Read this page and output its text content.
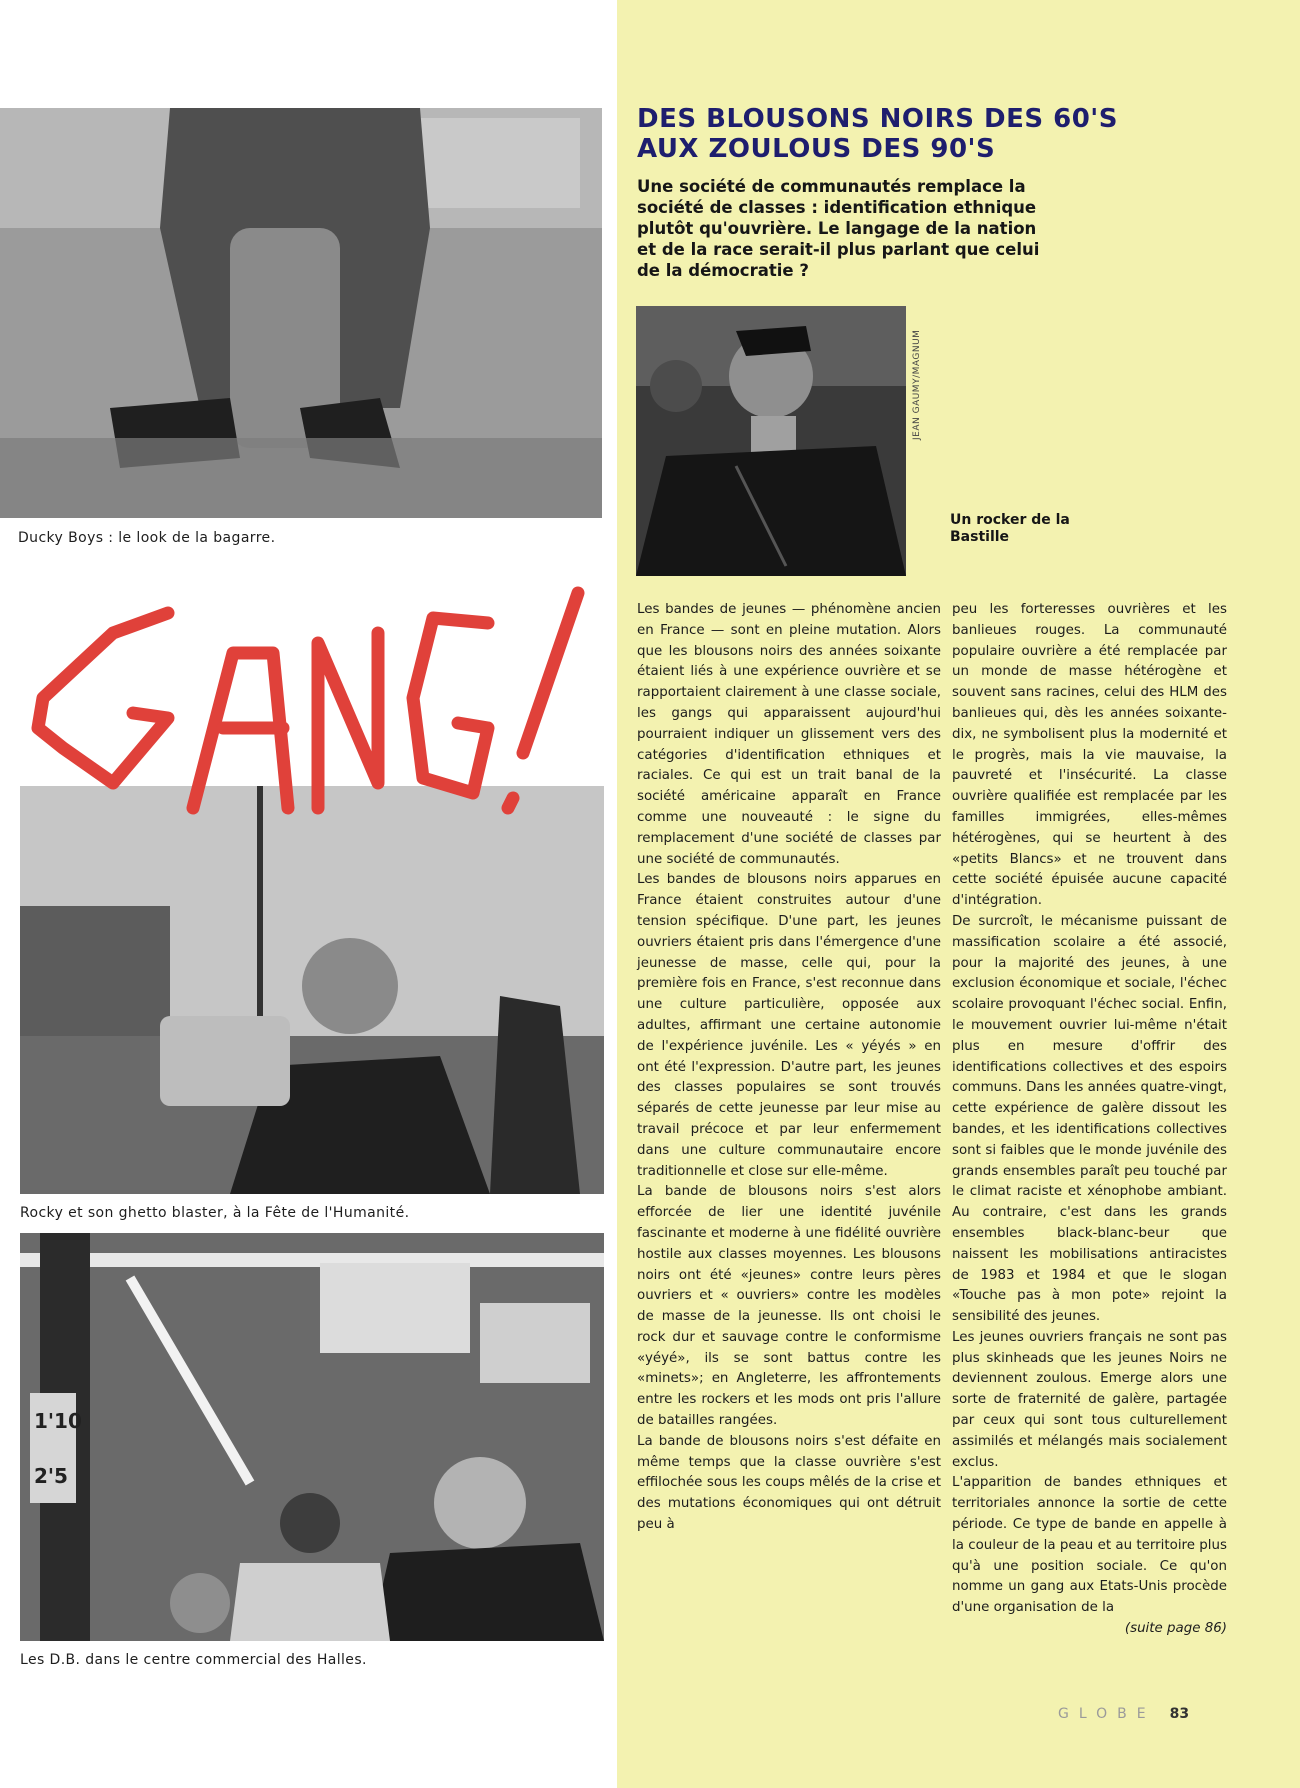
Ducky Boys : le look de la bagarre.
Rocky et son ghetto blaster, à la Fête de l'Humanité.
1'10
2'5
Les D.B. dans le centre commercial des Halles.
DES BLOUSONS NOIRS DES 60'S
AUX ZOULOUS DES 90'S
Une société de communautés remplace la société de classes : identification ethnique plutôt qu'ouvrière. Le langage de la nation et de la race serait-il plus parlant que celui de la démocratie ?
JEAN GAUMY/MAGNUM
Un rocker de la Bastille

Les bandes de jeunes — phénomène ancien en France — sont en pleine mutation. Alors que les blousons noirs des années soixante étaient liés à une expérience ouvrière et se rapportaient clairement à une classe sociale, les gangs qui apparaissent aujourd'hui pourraient indiquer un glissement vers des catégories d'identification ethniques et raciales. Ce qui est un trait banal de la société américaine apparaît en France comme une nouveauté : le signe du remplacement d'une société de classes par une société de communautés.

Les bandes de blousons noirs apparues en France étaient construites autour d'une tension spécifique. D'une part, les jeunes ouvriers étaient pris dans l'émergence d'une jeunesse de masse, celle qui, pour la première fois en France, s'est reconnue dans une culture particulière, opposée aux adultes, affirmant une certaine autonomie de l'expérience juvénile. Les « yéyés » en ont été l'expression. D'autre part, les jeunes des classes populaires se sont trouvés séparés de cette jeunesse par leur mise au travail précoce et par leur enfermement dans une culture communautaire encore traditionnelle et close sur elle-même.

La bande de blousons noirs s'est alors efforcée de lier une identité juvénile fascinante et moderne à une fidélité ouvrière hostile aux classes moyennes. Les blousons noirs ont été «jeunes» contre leurs pères ouvriers et « ouvriers» contre les modèles de masse de la jeunesse. Ils ont choisi le rock dur et sauvage contre le conformisme «yéyé», ils se sont battus contre les «minets»; en Angleterre, les affrontements entre les rockers et les mods ont pris l'allure de batailles rangées.

La bande de blousons noirs s'est défaite en même temps que la classe ouvrière s'est effilochée sous les coups mêlés de la crise et des mutations économiques qui ont détruit peu à

peu les forteresses ouvrières et les banlieues rouges. La communauté populaire ouvrière a été remplacée par un monde de masse hétérogène et souvent sans racines, celui des HLM des banlieues qui, dès les années soixante-dix, ne symbolisent plus la modernité et le progrès, mais la vie mauvaise, la pauvreté et l'insécurité. La classe ouvrière qualifiée est remplacée par les familles immigrées, elles-mêmes hétérogènes, qui se heurtent à des «petits Blancs» et ne trouvent dans cette société épuisée aucune capacité d'intégration.

De surcroît, le mécanisme puissant de massification scolaire a été associé, pour la majorité des jeunes, à une exclusion économique et sociale, l'échec scolaire provoquant l'échec social. Enfin, le mouvement ouvrier lui-même n'était plus en mesure d'offrir des identifications collectives et des espoirs communs. Dans les années quatre-vingt, cette expérience de galère dissout les bandes, et les identifications collectives sont si faibles que le monde juvénile des grands ensembles paraît peu touché par le climat raciste et xénophobe ambiant. Au contraire, c'est dans les grands ensembles black-blanc-beur que naissent les mobilisations antiracistes de 1983 et 1984 et que le slogan «Touche pas à mon pote» rejoint la sensibilité des jeunes.

Les jeunes ouvriers français ne sont pas plus skinheads que les jeunes Noirs ne deviennent zoulous. Emerge alors une sorte de fraternité de galère, partagée par ceux qui sont tous culturellement assimilés et mélangés mais socialement exclus.

L'apparition de bandes ethniques et territoriales annonce la sortie de cette période. Ce type de bande en appelle à la couleur de la peau et au territoire plus qu'à une position sociale. Ce qu'on nomme un gang aux Etats-Unis procède d'une organisation de la

(suite page 86)

GLOBE 83
